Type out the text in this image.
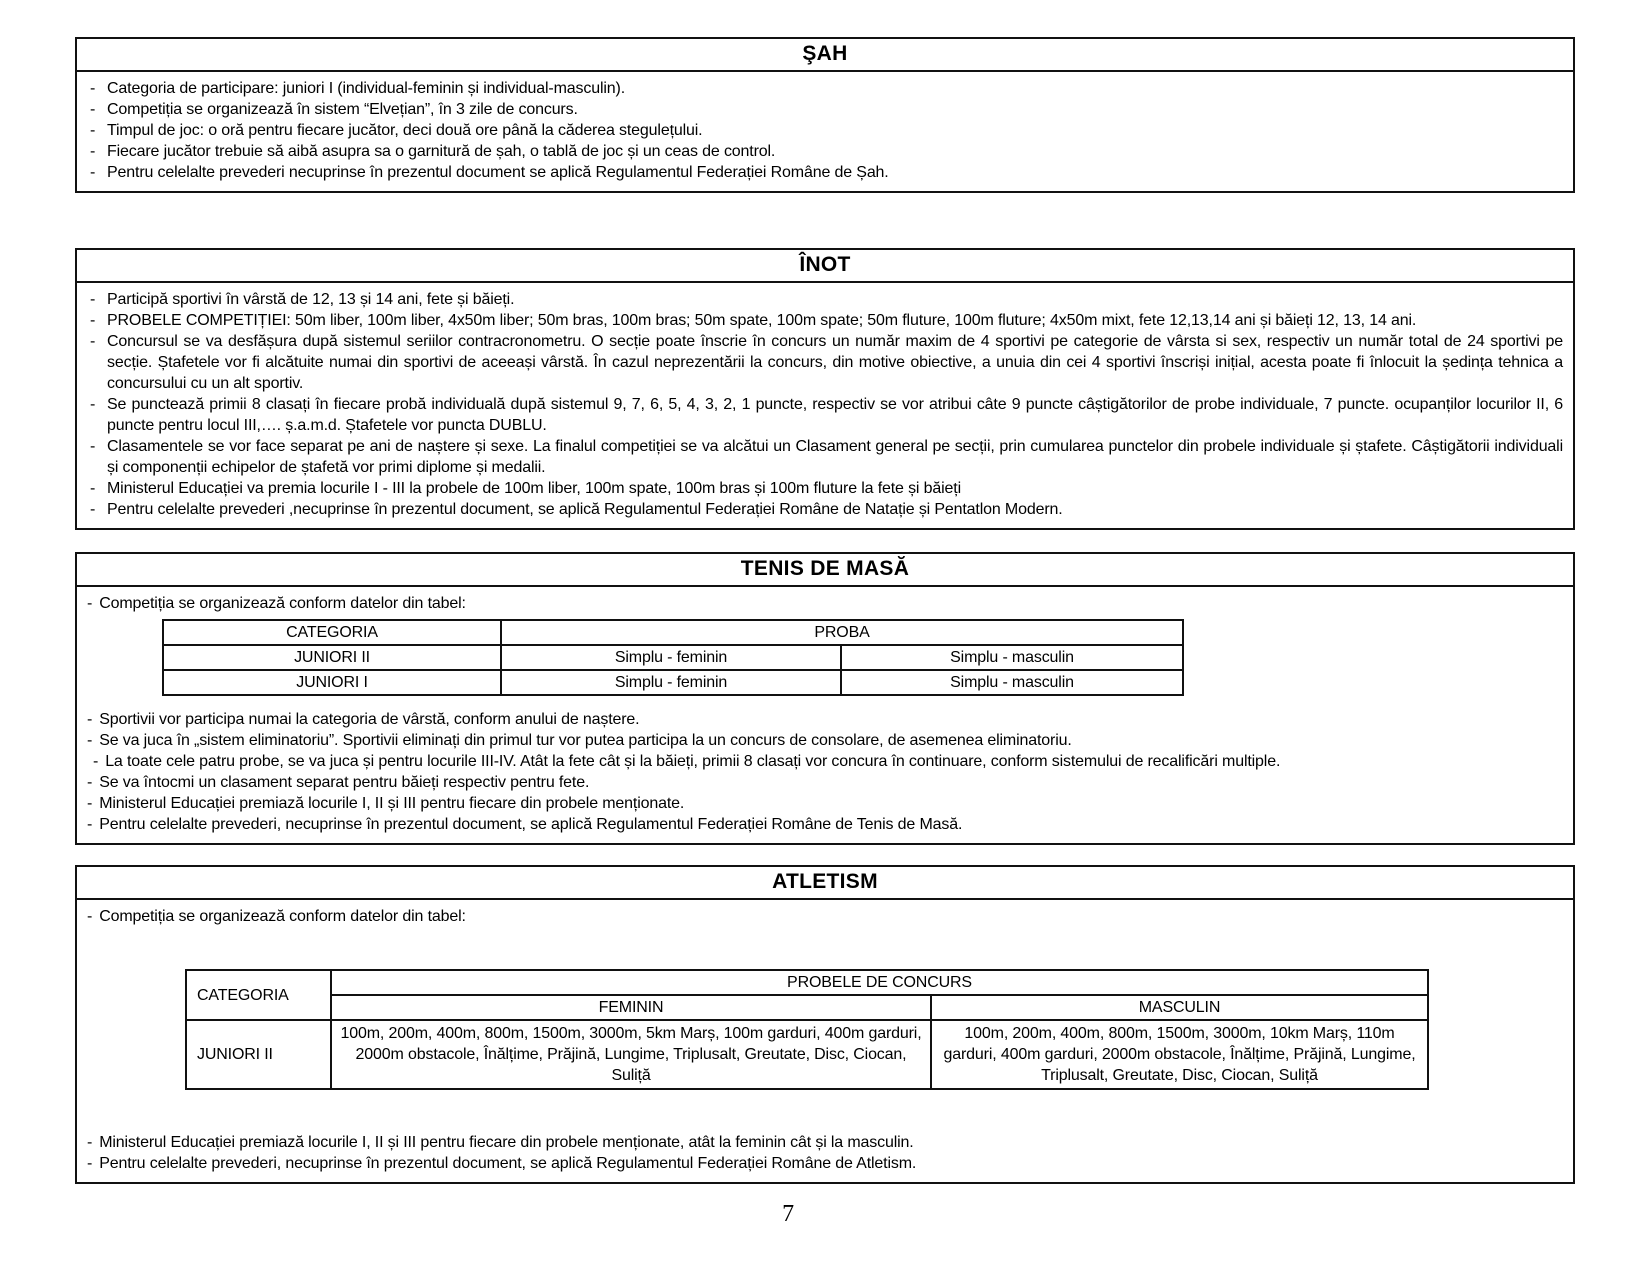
ŞAH
- Categoria de participare: juniori I (individual-feminin și individual-masculin).
- Competiția se organizează în sistem “Elvețian”, în 3 zile de concurs.
- Timpul de joc: o oră pentru fiecare jucător, deci două ore până la căderea stegulețului.
- Fiecare jucător trebuie să aibă asupra sa o garnitură de șah, o tablă de joc și un ceas de control.
- Pentru celelalte prevederi necuprinse în prezentul document se aplică Regulamentul Federației Române de Șah.
ÎNOT
- Participă sportivi în vârstă de 12, 13 și 14 ani, fete și băieți.
- PROBELE COMPETIȚIEI: 50m liber, 100m liber, 4x50m liber; 50m bras, 100m bras; 50m spate, 100m spate; 50m fluture, 100m fluture; 4x50m mixt, fete 12,13,14 ani și băieți 12, 13, 14 ani.
- Concursul se va desfășura după sistemul seriilor contracronometru. O secție poate înscrie în concurs un număr maxim de 4 sportivi pe categorie de vârsta si sex, respectiv un număr total de 24 sportivi pe secție. Ștafetele vor fi alcătuite numai din sportivi de aceeași vârstă. În cazul neprezentării la concurs, din motive obiective, a unuia din cei 4 sportivi înscriși inițial, acesta poate fi înlocuit la ședința tehnica a concursului cu un alt sportiv.
- Se punctează primii 8 clasați în fiecare probă individuală după sistemul 9, 7, 6, 5, 4, 3, 2, 1 puncte, respectiv se vor atribui câte 9 puncte câștigătorilor de probe individuale, 7 puncte. ocupanților locurilor II, 6 puncte pentru locul III,…. ș.a.m.d. Ștafetele vor puncta DUBLU.
- Clasamentele se vor face separat pe ani de naștere și sexe. La finalul competiției se va alcătui un Clasament general pe secții, prin cumularea punctelor din probele individuale și ștafete. Câștigătorii individuali și componenții echipelor de ștafetă vor primi diplome și medalii.
- Ministerul Educației va premia locurile I - III la probele de 100m liber, 100m spate, 100m bras și 100m fluture la fete și băieți
- Pentru celelalte prevederi ,necuprinse în prezentul document, se aplică Regulamentul Federației Române de Natație și Pentatlon Modern.
TENIS DE MASĂ

- Competiția se organizează conform datelor din tabel:

CATEGORIA	PROBA	
JUNIORI II	Simplu - feminin	Simplu - masculin
JUNIORI I	Simplu - feminin	Simplu - masculin

- Sportivii vor participa numai la categoria de vârstă, conform anului de naștere.

- Se va juca în „sistem eliminatoriu”. Sportivii eliminați din primul tur vor putea participa la un concurs de consolare, de asemenea eliminatoriu.

- La toate cele patru probe, se va juca și pentru locurile III-IV. Atât la fete cât și la băieți, primii 8 clasați vor concura în continuare, conform sistemului de recalificări multiple.

- Se va întocmi un clasament separat pentru băieți respectiv pentru fete.

- Ministerul Educației premiază locurile I, II și III pentru fiecare din probele menționate.

- Pentru celelalte prevederi, necuprinse în prezentul document, se aplică Regulamentul Federației Române de Tenis de Masă.

ATLETISM

- Competiția se organizează conform datelor din tabel:

CATEGORIA	PROBELE DE CONCURS	
	FEMININ	MASCULIN
JUNIORI II	100m, 200m, 400m, 800m, 1500m, 3000m, 5km Marș, 100m garduri, 400m garduri, 2000m obstacole, Înălțime, Prăjină, Lungime, Triplusalt, Greutate, Disc, Ciocan, Suliță	100m, 200m, 400m, 800m, 1500m, 3000m, 10km Marș, 110m garduri, 400m garduri, 2000m obstacole, Înălțime, Prăjină, Lungime, Triplusalt, Greutate, Disc, Ciocan, Suliță

- Ministerul Educației premiază locurile I, II și III pentru fiecare din probele menționate, atât la feminin cât și la masculin.

- Pentru celelalte prevederi, necuprinse în prezentul document, se aplică Regulamentul Federației Române de Atletism.

7
